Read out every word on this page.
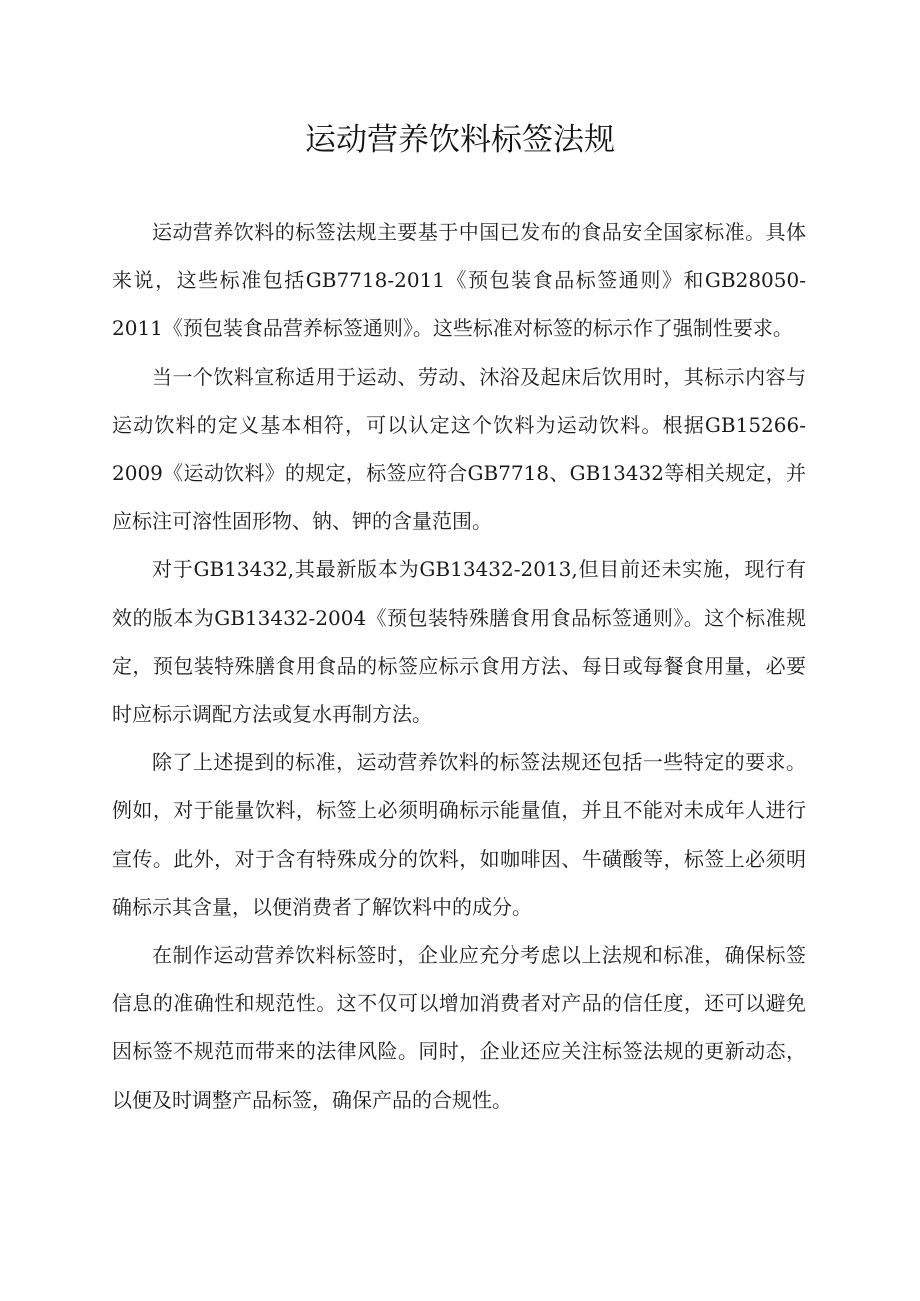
运动营养饮料标签法规

运动营养饮料的标签法规主要基于中国已发布的食品安全国家标准。具体来说，这些标准包括GB7718-2011《预包装食品标签通则》和GB28050-2011《预包装食品营养标签通则》。这些标准对标签的标示作了强制性要求。

当一个饮料宣称适用于运动、劳动、沐浴及起床后饮用时，其标示内容与运动饮料的定义基本相符，可以认定这个饮料为运动饮料。根据GB15266-2009《运动饮料》的规定，标签应符合GB7718、GB13432等相关规定，并应标注可溶性固形物、钠、钾的含量范围。

对于GB13432,其最新版本为GB13432-2013,但目前还未实施，现行有效的版本为GB13432-2004《预包装特殊膳食用食品标签通则》。这个标准规定，预包装特殊膳食用食品的标签应标示食用方法、每日或每餐食用量，必要时应标示调配方法或复水再制方法。

除了上述提到的标准，运动营养饮料的标签法规还包括一些特定的要求。例如，对于能量饮料，标签上必须明确标示能量值，并且不能对未成年人进行宣传。此外，对于含有特殊成分的饮料，如咖啡因、牛磺酸等，标签上必须明确标示其含量，以便消费者了解饮料中的成分。

在制作运动营养饮料标签时，企业应充分考虑以上法规和标准，确保标签信息的准确性和规范性。这不仅可以增加消费者对产品的信任度，还可以避免因标签不规范而带来的法律风险。同时，企业还应关注标签法规的更新动态，以便及时调整产品标签，确保产品的合规性。
